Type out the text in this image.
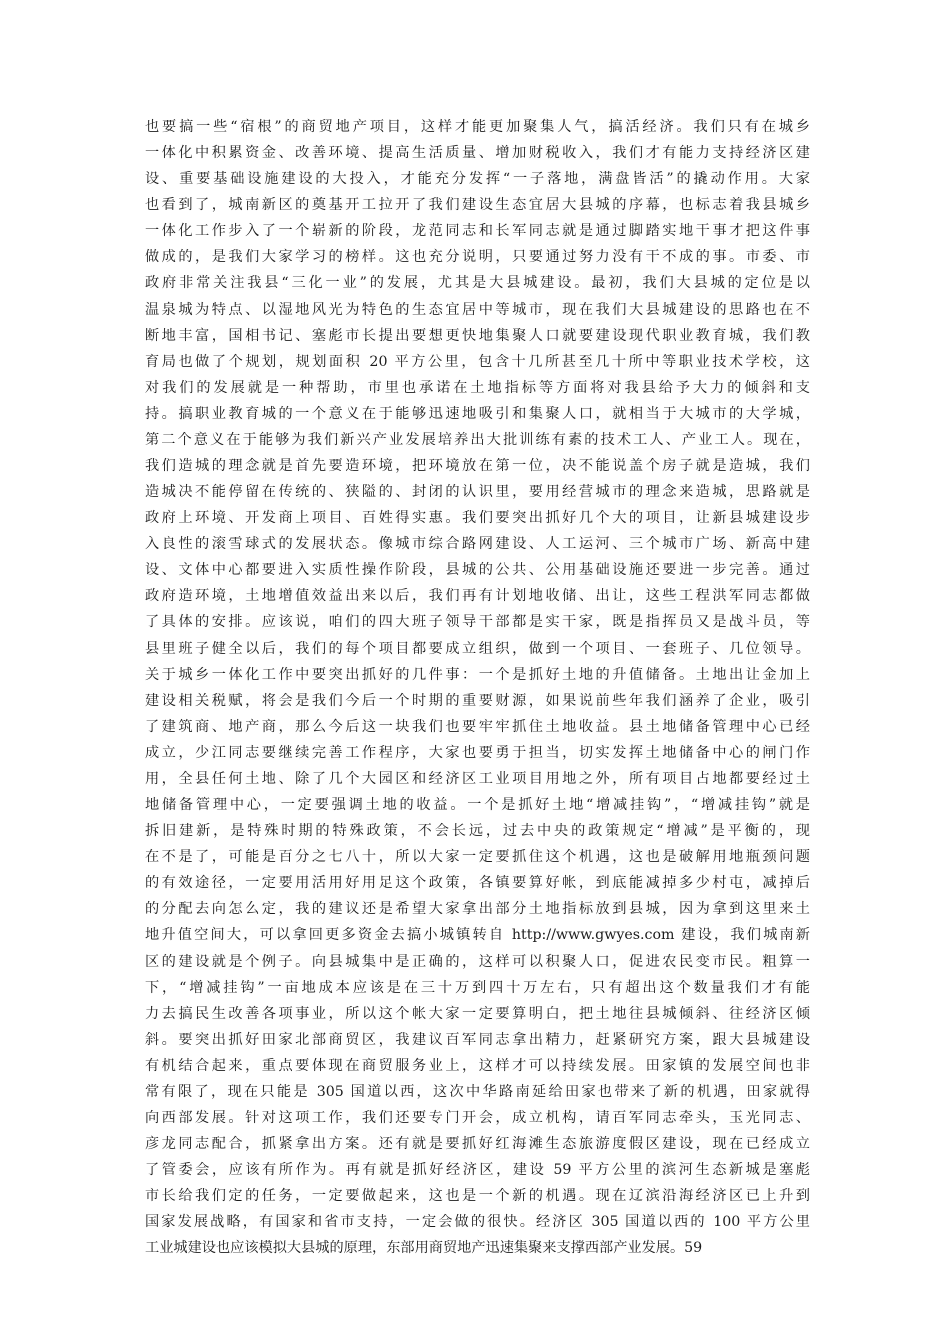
也要搞一些“宿根”的商贸地产项目，这样才能更加聚集人气，搞活经济。我们只有在城乡
一体化中积累资金、改善环境、提高生活质量、增加财税收入，我们才有能力支持经济区建
设、重要基础设施建设的大投入，才能充分发挥“一子落地，满盘皆活”的撬动作用。大家
也看到了，城南新区的奠基开工拉开了我们建设生态宜居大县城的序幕，也标志着我县城乡
一体化工作步入了一个崭新的阶段，龙范同志和长军同志就是通过脚踏实地干事才把这件事
做成的，是我们大家学习的榜样。这也充分说明，只要通过努力没有干不成的事。市委、市
政府非常关注我县“三化一业”的发展，尤其是大县城建设。最初，我们大县城的定位是以
温泉城为特点、以湿地风光为特色的生态宜居中等城市，现在我们大县城建设的思路也在不
断地丰富，国相书记、塞彪市长提出要想更快地集聚人口就要建设现代职业教育城，我们教
育局也做了个规划，规划面积 20 平方公里，包含十几所甚至几十所中等职业技术学校，这
对我们的发展就是一种帮助，市里也承诺在土地指标等方面将对我县给予大力的倾斜和支
持。搞职业教育城的一个意义在于能够迅速地吸引和集聚人口，就相当于大城市的大学城，
第二个意义在于能够为我们新兴产业发展培养出大批训练有素的技术工人、产业工人。现在，
我们造城的理念就是首先要造环境，把环境放在第一位，决不能说盖个房子就是造城，我们
造城决不能停留在传统的、狭隘的、封闭的认识里，要用经营城市的理念来造城，思路就是
政府上环境、开发商上项目、百姓得实惠。我们要突出抓好几个大的项目，让新县城建设步
入良性的滚雪球式的发展状态。像城市综合路网建设、人工运河、三个城市广场、新高中建
设、文体中心都要进入实质性操作阶段，县城的公共、公用基础设施还要进一步完善。通过
政府造环境，土地增值效益出来以后，我们再有计划地收储、出让，这些工程洪军同志都做
了具体的安排。应该说，咱们的四大班子领导干部都是实干家，既是指挥员又是战斗员，等
县里班子健全以后，我们的每个项目都要成立组织，做到一个项目、一套班子、几位领导。
关于城乡一体化工作中要突出抓好的几件事：一个是抓好土地的升值储备。土地出让金加上
建设相关税赋，将会是我们今后一个时期的重要财源，如果说前些年我们涵养了企业，吸引
了建筑商、地产商，那么今后这一块我们也要牢牢抓住土地收益。县土地储备管理中心已经
成立，少江同志要继续完善工作程序，大家也要勇于担当，切实发挥土地储备中心的闸门作
用，全县任何土地、除了几个大园区和经济区工业项目用地之外，所有项目占地都要经过土
地储备管理中心，一定要强调土地的收益。一个是抓好土地“增减挂钩”，“增减挂钩”就是
拆旧建新，是特殊时期的特殊政策，不会长远，过去中央的政策规定“增减”是平衡的，现
在不是了，可能是百分之七八十，所以大家一定要抓住这个机遇，这也是破解用地瓶颈问题
的有效途径，一定要用活用好用足这个政策，各镇要算好帐，到底能减掉多少村屯，减掉后
的分配去向怎么定，我的建议还是希望大家拿出部分土地指标放到县城，因为拿到这里来土
地升值空间大，可以拿回更多资金去搞小城镇转自 http://www.gwyes.com 建设，我们城南新
区的建设就是个例子。向县城集中是正确的，这样可以积聚人口，促进农民变市民。粗算一
下，“增减挂钩”一亩地成本应该是在三十万到四十万左右，只有超出这个数量我们才有能
力去搞民生改善各项事业，所以这个帐大家一定要算明白，把土地往县城倾斜、往经济区倾
斜。要突出抓好田家北部商贸区，我建议百军同志拿出精力，赶紧研究方案，跟大县城建设
有机结合起来，重点要体现在商贸服务业上，这样才可以持续发展。田家镇的发展空间也非
常有限了，现在只能是 305 国道以西，这次中华路南延给田家也带来了新的机遇，田家就得
向西部发展。针对这项工作，我们还要专门开会，成立机构，请百军同志牵头，玉光同志、
彦龙同志配合，抓紧拿出方案。还有就是要抓好红海滩生态旅游度假区建设，现在已经成立
了管委会，应该有所作为。再有就是抓好经济区，建设 59 平方公里的滨河生态新城是塞彪
市长给我们定的任务，一定要做起来，这也是一个新的机遇。现在辽滨沿海经济区已上升到
国家发展战略，有国家和省市支持，一定会做的很快。经济区 305 国道以西的 100 平方公里
工业城建设也应该模拟大县城的原理，东部用商贸地产迅速集聚来支撑西部产业发展。59
